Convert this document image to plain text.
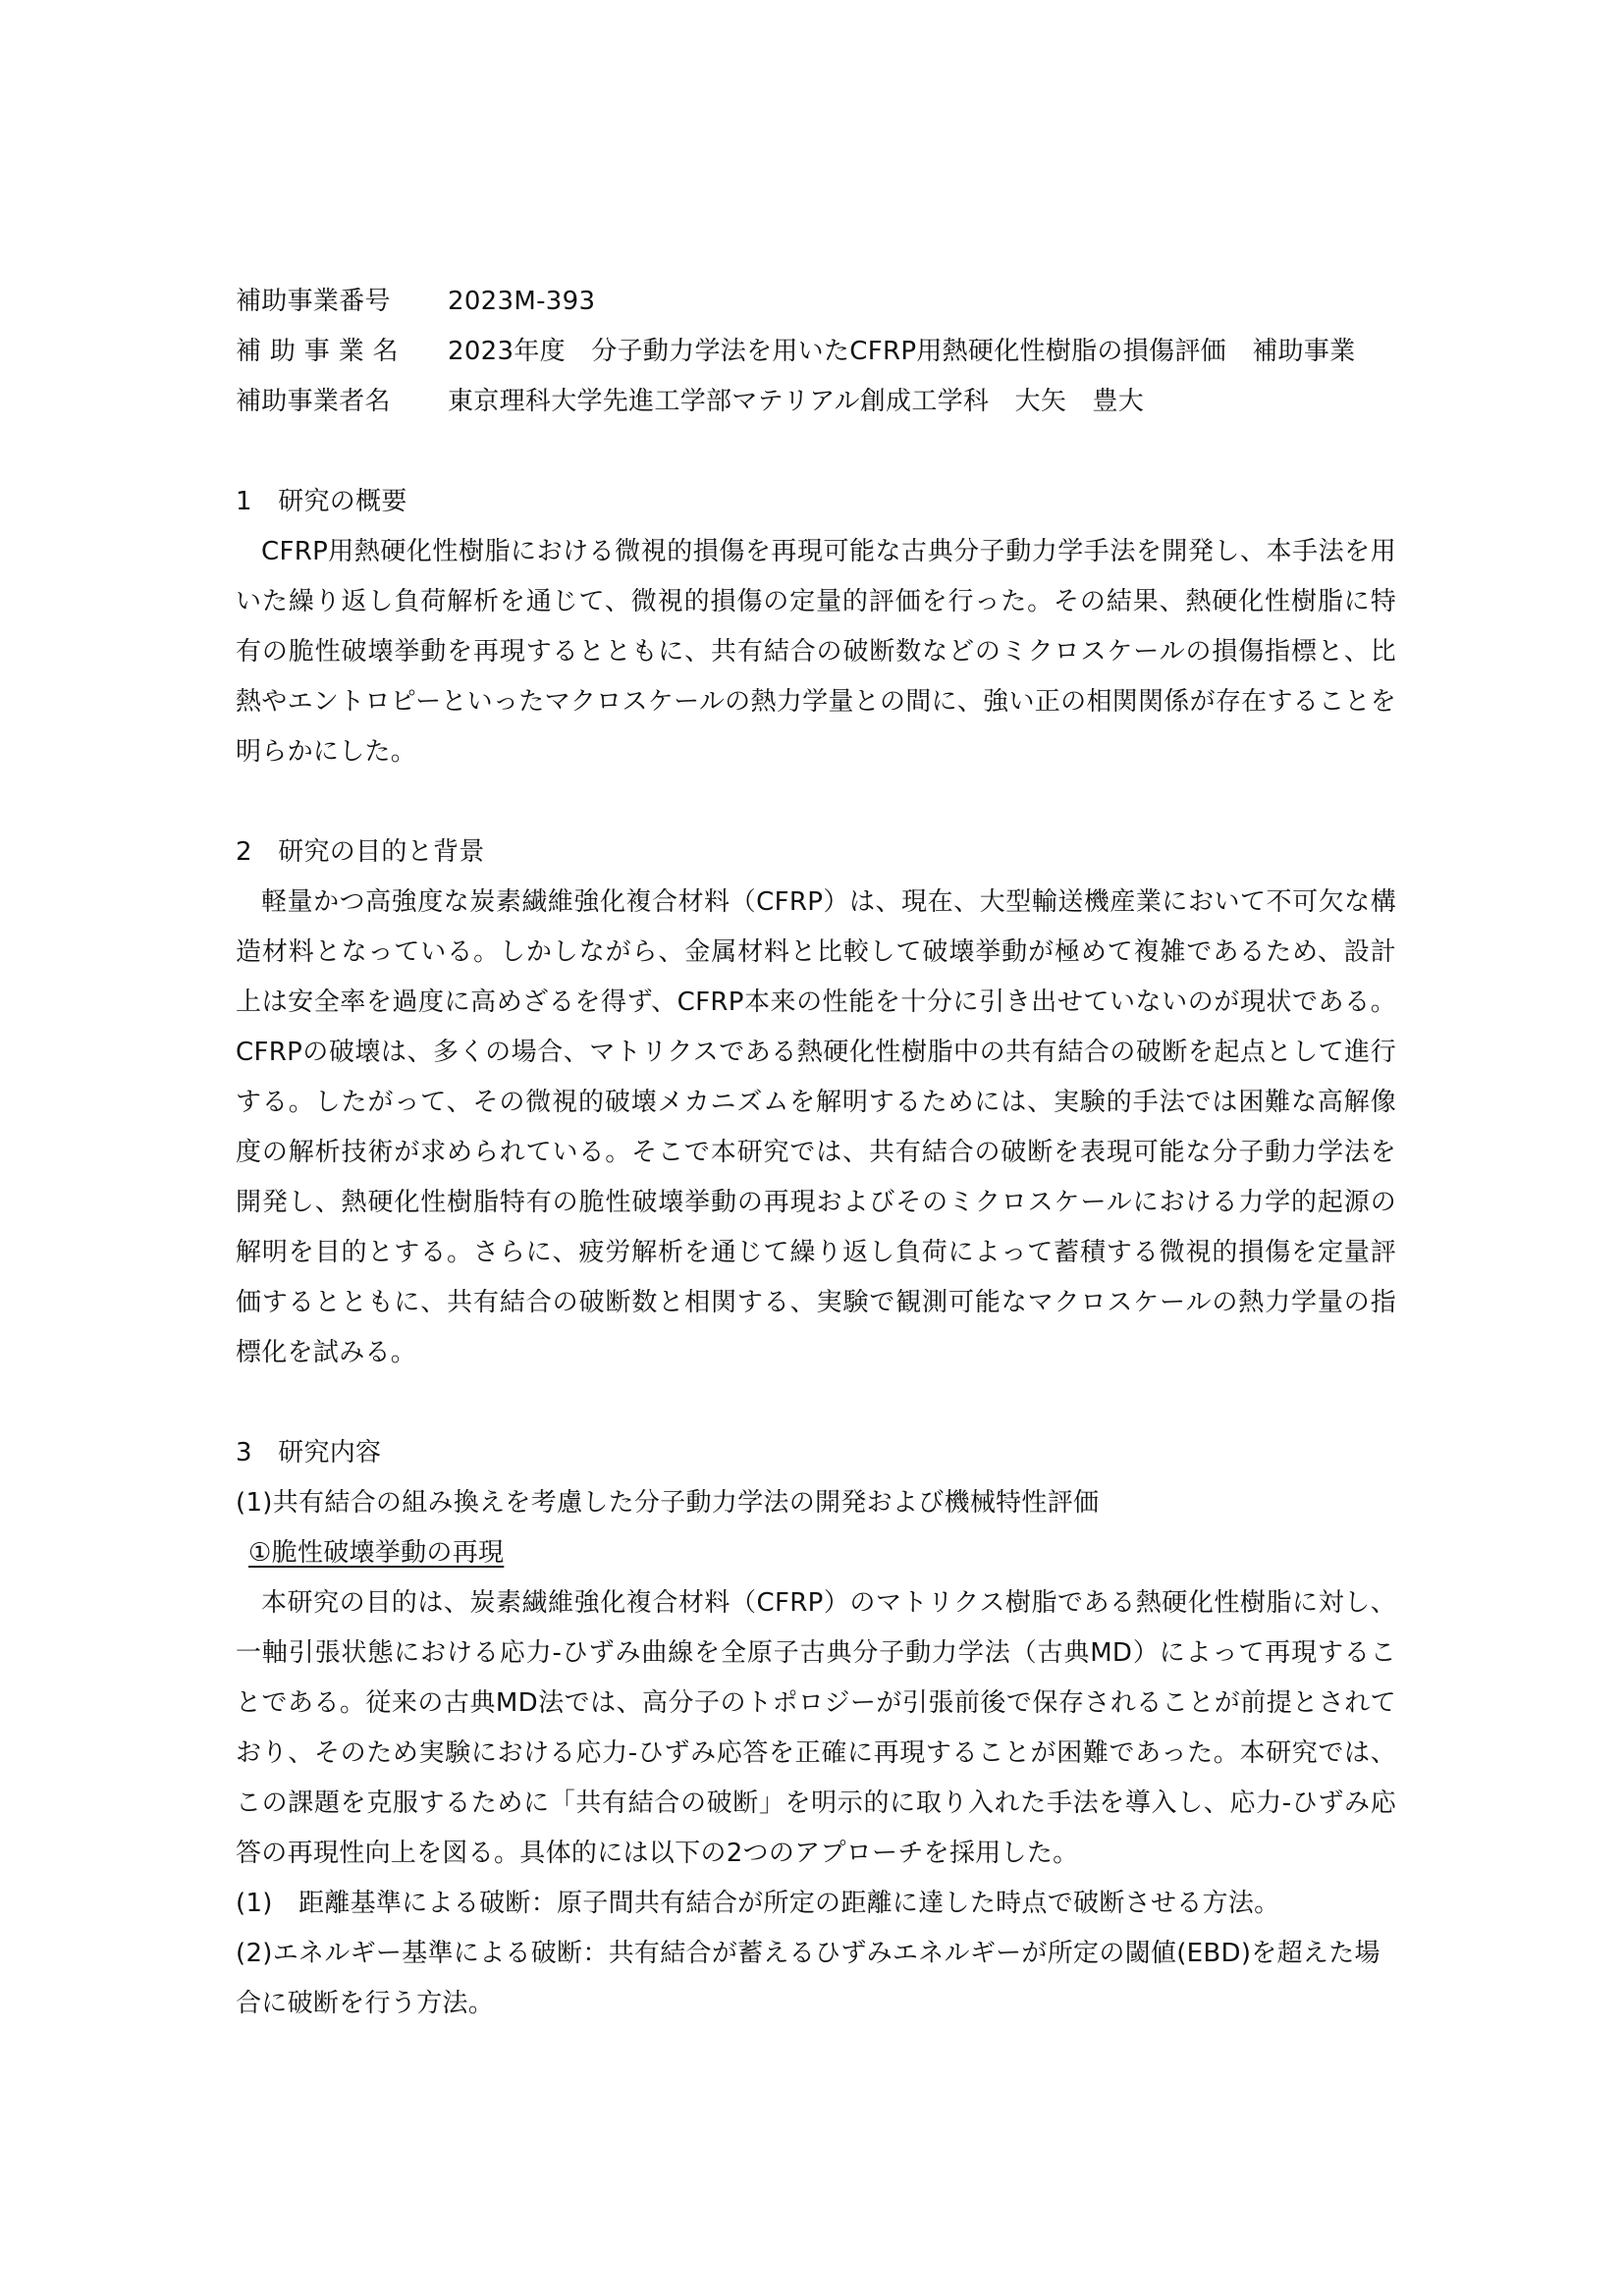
補助事業番号	2023M-393
補 助 事 業 名	2023年度　分子動力学法を用いたCFRP用熱硬化性樹脂の損傷評価　補助事業
補助事業者名	東京理科大学先進工学部マテリアル創成工学科　大矢　豊大
1　研究の概要
CFRP用熱硬化性樹脂における微視的損傷を再現可能な古典分子動力学手法を開発し、本手法を用いた繰り返し負荷解析を通じて、微視的損傷の定量的評価を行った。その結果、熱硬化性樹脂に特有の脆性破壊挙動を再現するとともに、共有結合の破断数などのミクロスケールの損傷指標と、比熱やエントロピーといったマクロスケールの熱力学量との間に、強い正の相関関係が存在することを明らかにした。
2　研究の目的と背景
軽量かつ高強度な炭素繊維強化複合材料（CFRP）は、現在、大型輸送機産業において不可欠な構造材料となっている。しかしながら、金属材料と比較して破壊挙動が極めて複雑であるため、設計上は安全率を過度に高めざるを得ず、CFRP本来の性能を十分に引き出せていないのが現状である。CFRPの破壊は、多くの場合、マトリクスである熱硬化性樹脂中の共有結合の破断を起点として進行する。したがって、その微視的破壊メカニズムを解明するためには、実験的手法では困難な高解像度の解析技術が求められている。そこで本研究では、共有結合の破断を表現可能な分子動力学法を開発し、熱硬化性樹脂特有の脆性破壊挙動の再現およびそのミクロスケールにおける力学的起源の解明を目的とする。さらに、疲労解析を通じて繰り返し負荷によって蓄積する微視的損傷を定量評価するとともに、共有結合の破断数と相関する、実験で観測可能なマクロスケールの熱力学量の指標化を試みる。
3　研究内容
(1)共有結合の組み換えを考慮した分子動力学法の開発および機械特性評価
①脆性破壊挙動の再現
本研究の目的は、炭素繊維強化複合材料（CFRP）のマトリクス樹脂である熱硬化性樹脂に対し、一軸引張状態における応力-ひずみ曲線を全原子古典分子動力学法（古典MD）によって再現することである。従来の古典MD法では、高分子のトポロジーが引張前後で保存されることが前提とされており、そのため実験における応力-ひずみ応答を正確に再現することが困難であった。本研究では、この課題を克服するために「共有結合の破断」を明示的に取り入れた手法を導入し、応力-ひずみ応答の再現性向上を図る。具体的には以下の2つのアプローチを採用した。
(1)　距離基準による破断：原子間共有結合が所定の距離に達した時点で破断させる方法。
(2)エネルギー基準による破断：共有結合が蓄えるひずみエネルギーが所定の閾値(EBD)を超えた場合に破断を行う方法。
